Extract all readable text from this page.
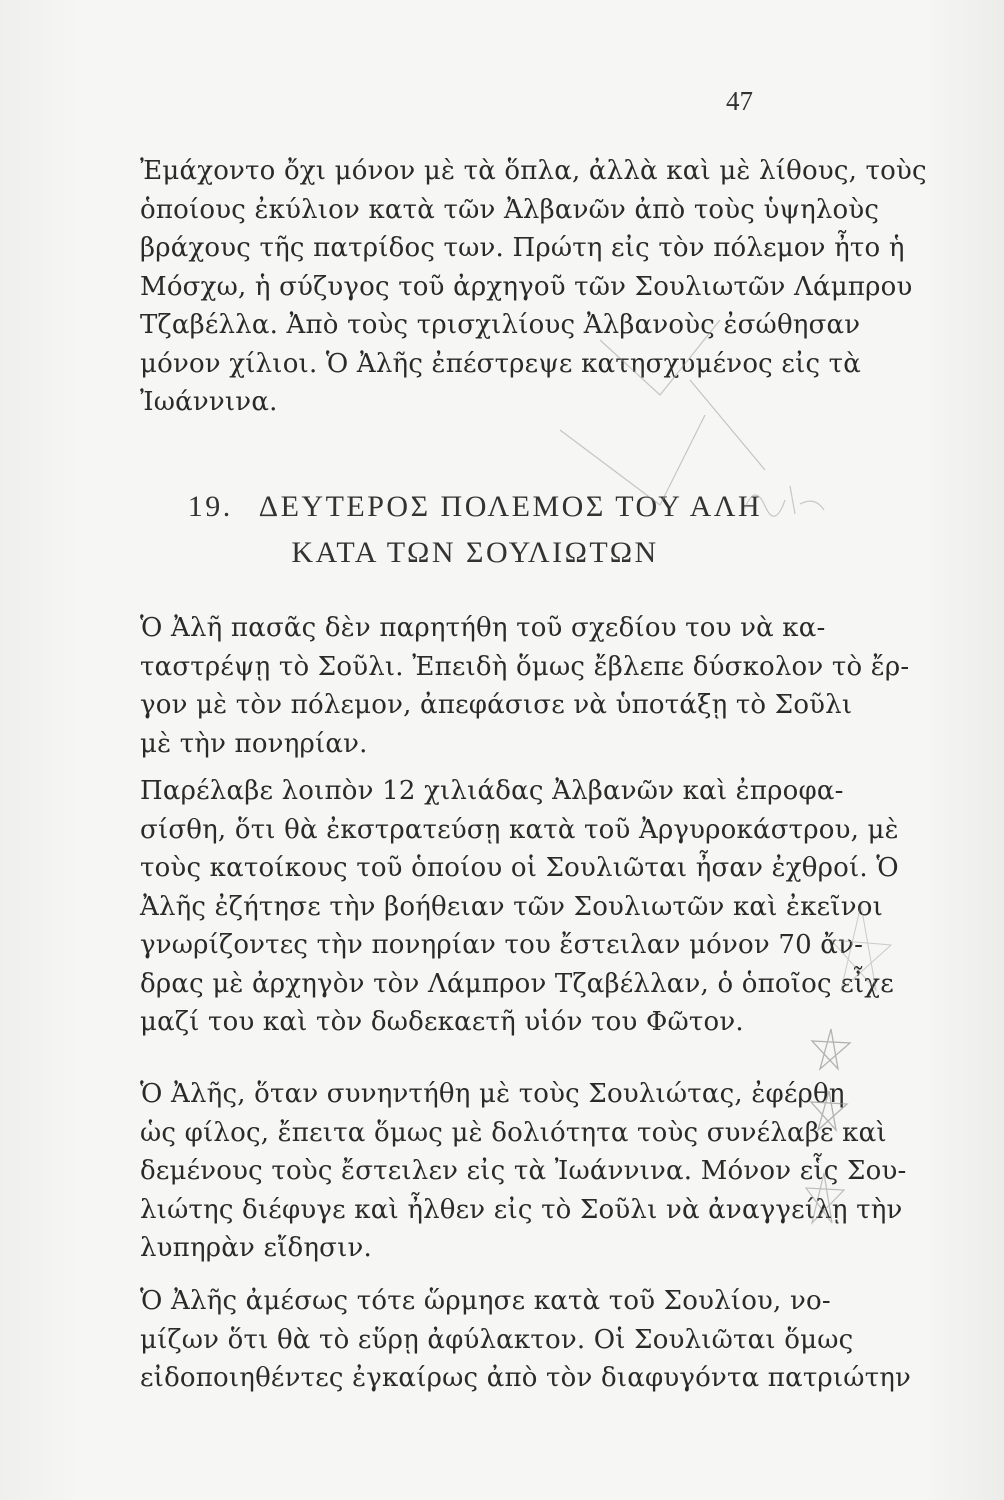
47
Ἐμάχοντο ὄχι μόνον μὲ τὰ ὅπλα, ἀλλὰ καὶ μὲ λίθους, τοὺς
ὁποίους ἐκύλιον κατὰ τῶν Ἀλβανῶν ἀπὸ τοὺς ὑψηλοὺς
βράχους τῆς πατρίδος των. Πρώτη εἰς τὸν πόλεμον ἦτο ἡ
Μόσχω, ἡ σύζυγος τοῦ ἀρχηγοῦ τῶν Σουλιωτῶν Λάμπρου
Τζαβέλλα. Ἀπὸ τοὺς τρισχιλίους Ἀλβανοὺς ἐσώθησαν
μόνον χίλιοι. Ὁ Ἀλῆς ἐπέστρεψε κατησχυμένος εἰς τὰ
Ἰωάννινα.
19. ΔΕΥΤΕΡΟΣ ΠΟΛΕΜΟΣ ΤΟΥ ΑΛΗ
ΚΑΤΑ ΤΩΝ ΣΟΥΛΙΩΤΩΝ
Ὁ Ἀλῆ πασᾶς δὲν παρητήθη τοῦ σχεδίου του νὰ κα-
ταστρέψῃ τὸ Σοῦλι. Ἐπειδὴ ὅμως ἔβλεπε δύσκολον τὸ ἔρ-
γον μὲ τὸν πόλεμον, ἀπεφάσισε νὰ ὑποτάξῃ τὸ Σοῦλι
μὲ τὴν πονηρίαν.
Παρέλαβε λοιπὸν 12 χιλιάδας Ἀλβανῶν καὶ ἐπροφα-
σίσθη, ὅτι θὰ ἐκστρατεύσῃ κατὰ τοῦ Ἀργυροκάστρου, μὲ
τοὺς κατοίκους τοῦ ὁποίου οἱ Σουλιῶται ἦσαν ἐχθροί. Ὁ
Ἀλῆς ἐζήτησε τὴν βοήθειαν τῶν Σουλιωτῶν καὶ ἐκεῖνοι
γνωρίζοντες τὴν πονηρίαν του ἔστειλαν μόνον 70 ἄν-
δρας μὲ ἀρχηγὸν τὸν Λάμπρον Τζαβέλλαν, ὁ ὁποῖος εἶχε
μαζί του καὶ τὸν δωδεκαετῆ υἱόν του Φῶτον.
Ὁ Ἀλῆς, ὅταν συνηντήθη μὲ τοὺς Σουλιώτας, ἐφέρθη
ὡς φίλος, ἔπειτα ὅμως μὲ δολιότητα τοὺς συνέλαβε καὶ
δεμένους τοὺς ἔστειλεν εἰς τὰ Ἰωάννινα. Μόνον εἷς Σου-
λιώτης διέφυγε καὶ ἦλθεν εἰς τὸ Σοῦλι νὰ ἀναγγείλῃ τὴν
λυπηρὰν εἴδησιν.
Ὁ Ἀλῆς ἀμέσως τότε ὥρμησε κατὰ τοῦ Σουλίου, νο-
μίζων ὅτι θὰ τὸ εὕρῃ ἀφύλακτον. Οἱ Σουλιῶται ὅμως
εἰδοποιηθέντες ἐγκαίρως ἀπὸ τὸν διαφυγόντα πατριώτην
